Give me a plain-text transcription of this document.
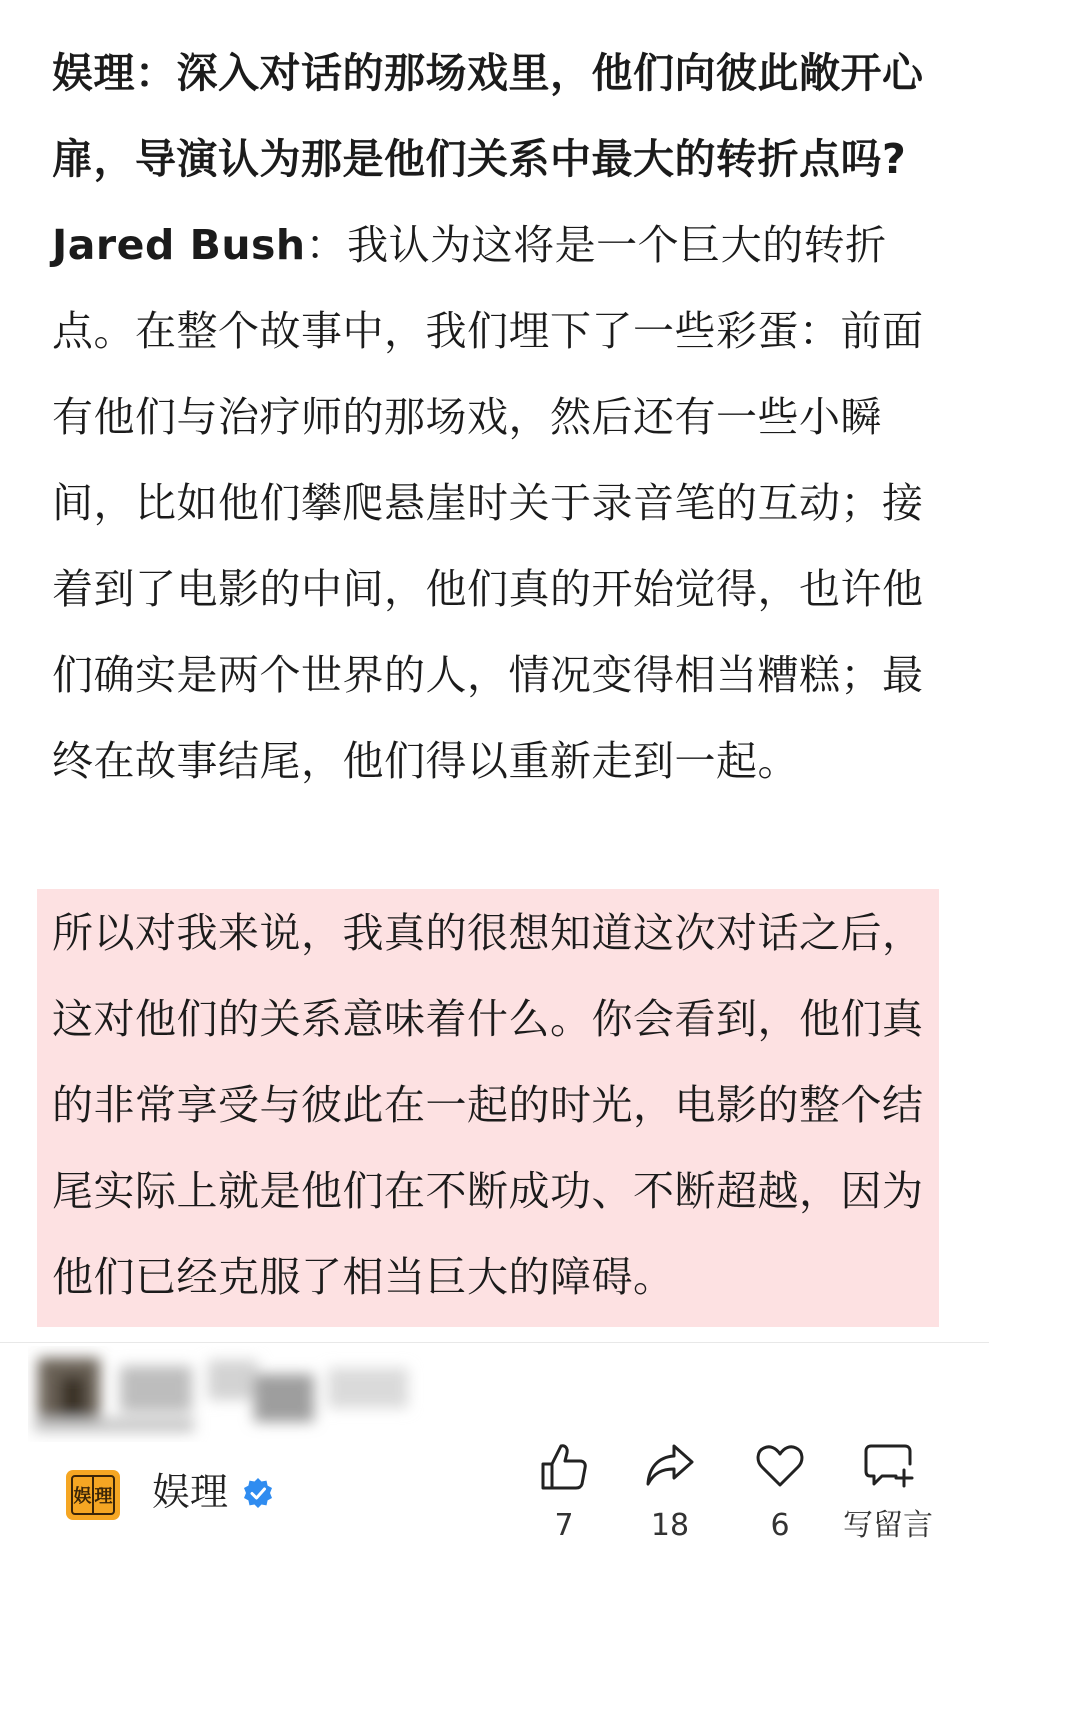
娱理：深入对话的那场戏里，他们向彼此敞开心扉，导演认为那是他们关系中最大的转折点吗?

Jared Bush：我认为这将是一个巨大的转折点。在整个故事中，我们埋下了一些彩蛋：前面有他们与治疗师的那场戏，然后还有一些小瞬间，比如他们攀爬悬崖时关于录音笔的互动；接着到了电影的中间，他们真的开始觉得，也许他们确实是两个世界的人，情况变得相当糟糕；最终在故事结尾，他们得以重新走到一起。

所以对我来说，我真的很想知道这次对话之后，这对他们的关系意味着什么。你会看到，他们真的非常享受与彼此在一起的时光，电影的整个结尾实际上就是他们在不断成功、不断超越，因为他们已经克服了相当巨大的障碍。

娱 理 娱理
7	18	6	写留言
